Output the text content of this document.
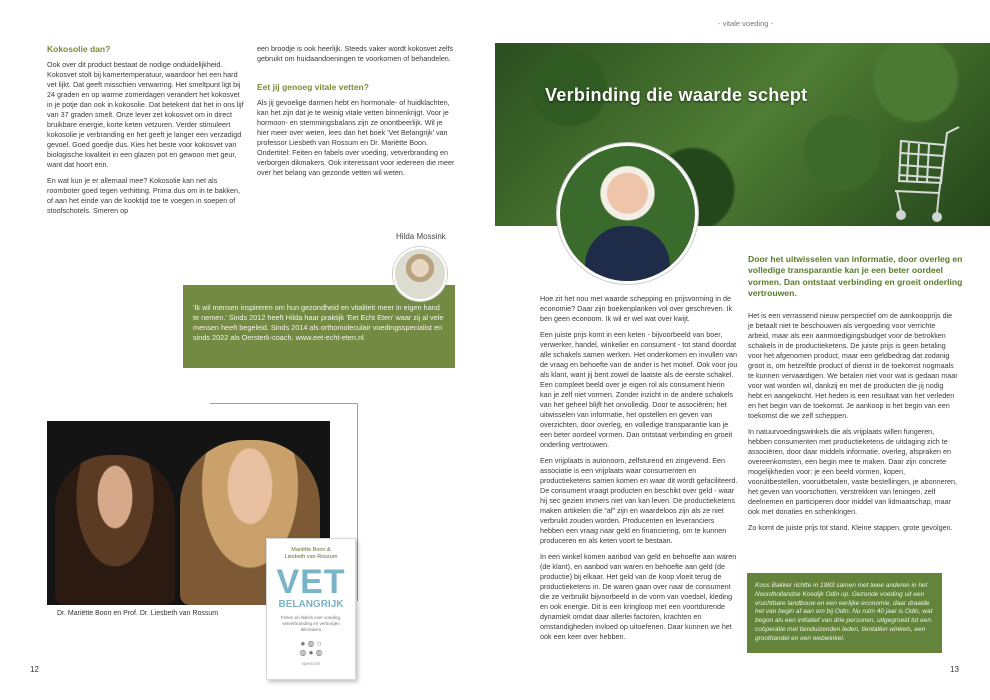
Kokosolie dan?

Ook over dit product bestaat de nodige onduidelijkheid. Kokosvet stolt bij kamertemperatuur, waardoor het een hard vet lijkt. Dat geeft misschien verwarring. Het smeltpunt ligt bij 24 graden en op warme zomerdagen verandert het kokosvet in je potje dan ook in kokosolie. Dat betekent dat het in ons lijf van 37 graden smelt. Onze lever zet kokosvet om in direct bruikbare energie, korte keten vetzuren. Verder stimuleert kokosolie je verbranding en het geeft je langer een verzadigd gevoel. Goed goedje dus. Kies het beste voor kokosvet van biologische kwaliteit in een glazen pot en gewoon met geur, want dat hoort erin.

En wat kun je er allemaal mee? Kokosolie kan net als roomboter goed tegen verhitting. Prima dus om in te bakken, of aan het einde van de kooktijd toe te voegen in soepen of stoofschotels. Smeren op

een broodje is ook heerlijk. Steeds vaker wordt kokosvet zelfs gebruikt om huidaandoeningen te voorkomen of behandelen.

Eet jij genoeg vitale vetten?

Als jij gevoelige darmen hebt en hormonale- of huidklachten, kan het zijn dat je te weinig vitale vetten binnenkrijgt. Voor je hormoon- en stemmingsbalans zijn ze onontbeerlijk. Wil je hier meer over weten, lees dan het boek 'Vet Belangrijk' van professor Liesbeth van Rossum en Dr. Mariëtte Boon. Ondertitel: Feiten en fabels over voeding, vetverbranding en verborgen dikmakers. Ook interessant voor iedereen die meer over het belang van gezonde vetten wil weten.

Hilda Mossink
'Ik wil mensen inspireren om hun gezondheid en vitaliteit meer in eigen hand te nemen.' Sinds 2012 heeft Hilda haar praktijk 'Eet Echt Eten' waar zij al vele mensen heeft begeleid. Sinds 2014 als orthomoleculair voedingsspecialist en sinds 2022 als Oersterk-coach. www.eet-echt-eten.nl
Dr. Mariëtte Boon en Prof. Dr. Liesbeth van Rossum
Mariëtte Boon &
Liesbeth van Rossum
VET
BELANGRIJK
Feiten en fabels over voeding, vetverbranding en verborgen dikmakers
● ◍ ○
◍ ● ◍
spectrum
12
- vitale voeding -
Verbinding die waarde schept
Door het uitwisselen van informatie, door overleg en volledige transparantie kan je een beter oordeel vormen. Dan ontstaat verbinding en groeit onderling vertrouwen.

Hoe zit het nou met waarde schepping en prijsvorming in de economie? Daar zijn boekenplanken vol over geschreven. Ik ben geen econoom. Ik wil er wel wat over kwijt.

Een juiste prijs komt in een keten - bijvoorbeeld van boer, verwerker, handel, winkelier en consument - tot stand doordat alle schakels samen werken. Het onderkomen en invullen van de vraag en behoefte van de ander is het motief. Ook voor jou als klant, want jij bent zowel de laatste als de eerste schakel. Een compleet beeld over je eigen rol als consument hierin kan je zelf niet vormen. Zonder inzicht in de andere schakels van het geheel blijft het onvolledig. Door te associëren; het uitwisselen van informatie, het opstellen en geven van overzichten, door overleg, en volledige transparantie kan je een beter oordeel vormen. Dan ontstaat verbinding en groeit onderling vertrouwen.

Een vrijplaats is autonoom, zelfsturend en zingevend. Een associatie is een vrijplaats waar consumenten en productieketens samen komen en waar dit wordt gefaciliteerd. De consument vraagt producten en beschikt over geld - waar hij sec gezien immers niet van kan leven. De productieketens maken artikelen die “af” zijn en waardeloos zijn als ze niet verbruikt zouden worden. Producenten en leveranciers hebben een vraag naar geld en financiering, om te kunnen produceren en als keten voort te bestaan.

In een winkel komen aanbod van geld en behoefte aan waren (de klant), en aanbod van waren en behoefte aan geld (de productie) bij elkaar. Het geld van de koop vloeit terug de productieketens in. De waren gaan over naar de consument die ze verbruikt bijvoorbeeld in de vorm van voedsel, kleding en ook energie. Dit is een kringloop met een voortdurende dynamiek omdat daar allerlei factoren, krachten en omstandigheden invloed op uitoefenen. Daar kunnen we het ook een keer over hebben.

Het is een verrassend nieuw perspectief om de aankoopprijs die je betaalt niet te beschouwen als vergoeding voor verrichte arbeid, maar als een aanmoedigingsbudget voor de betrokken schakels in de productieketens. De juiste prijs is geen betaling voor het afgenomen product, maar een geldbedrag dat zodanig groot is, om hetzelfde product of dienst in de toekomst nogmaals te kunnen vervaardigen. We betalen niet voor wat is gedaan maar voor wat worden wil, dankzij en met de producten die jij nodig hebt en aangekocht. Het heden is een resultaat van het verleden en het begin van de toekomst. Je aankoop is het begin van een toekomst die we zelf scheppen.

In natuurvoedingswinkels die als vrijplaats willen fungeren, hebben consumenten met productieketens de uitdaging zich te associëren, door daar middels informatie, overleg, afspraken en overeenkomsten, een begin mee te maken. Daar zijn concrete mogelijkheden voor: je een beeld vormen, kopen, vooruitbestellen, vooruitbetalen, vaste bestellingen, je abonneren, het geven van voorschotten, verstrekken van leningen, zelf deelnemen en participeren door middel van lidmaatschap, maar ook met donaties en schenkingen.

Zo komt de juiste prijs tot stand. Kleine stappen, grote gevolgen.

Koos Bakker richtte in 1983 samen met twee anderen in het Noordhollandse Koedijk Odin op. Gezonde voeding uit een vruchtbare landbouw en een eerlijke economie, daar draaide het van begin af aan om bij Odin. Nu ruim 40 jaar is Odin, wat begon als een initiatief van drie personen, uitgegroeid tot een coöperatie met tienduizenden leden, tientallen winkels, een groothandel en een webwinkel.
13
